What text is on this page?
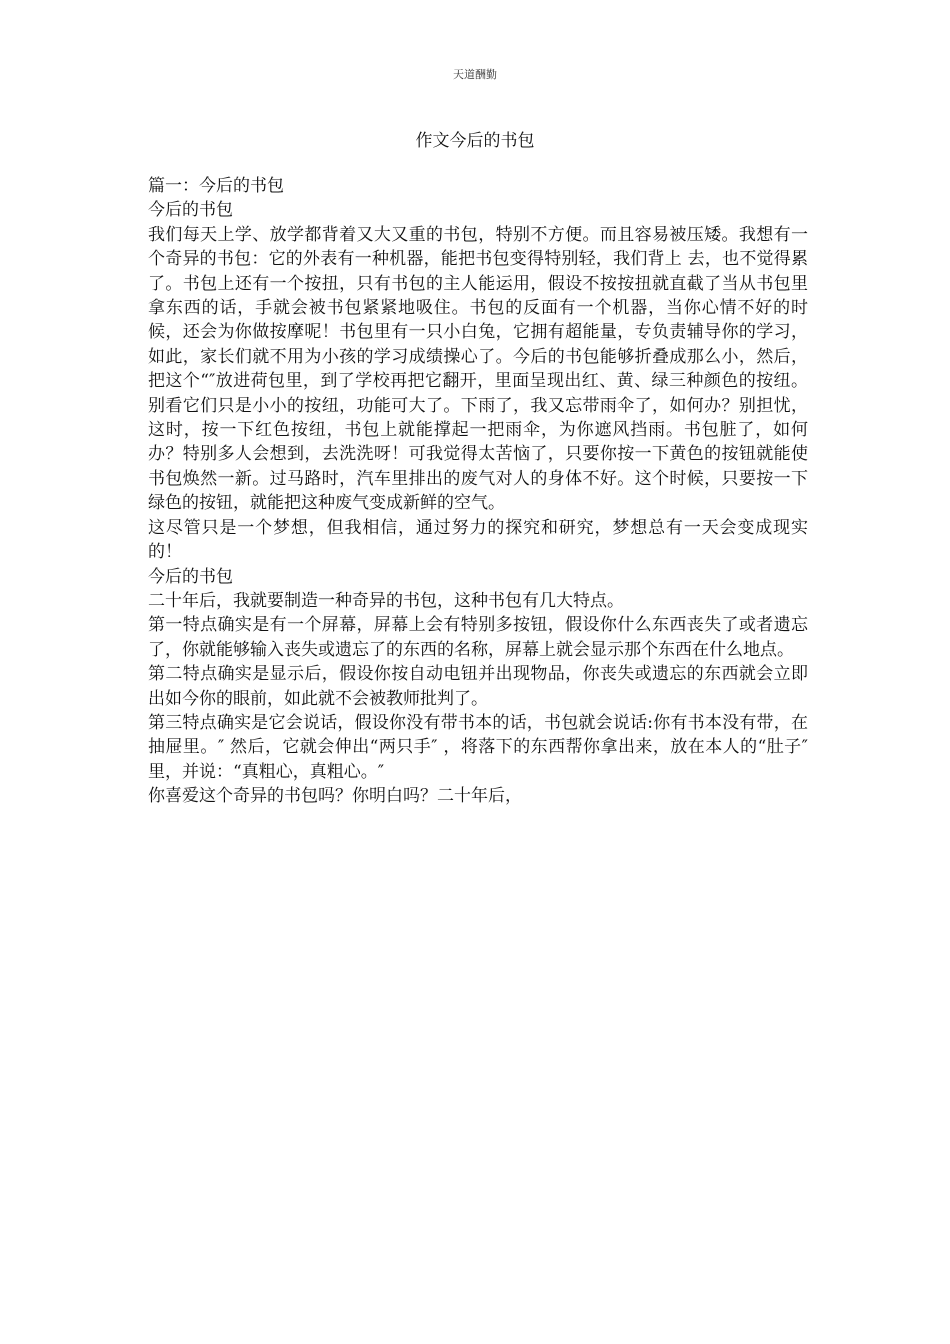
天道酬勤
作文今后的书包

篇一：今后的书包

今后的书包

我们每天上学、放学都背着又大又重的书包，特别不方便。而且容易被压矮。我想有一个奇异的书包：它的外表有一种机器，能把书包变得特别轻，我们背上 去，也不觉得累了。书包上还有一个按扭，只有书包的主人能运用，假设不按按扭就直截了当从书包里拿东西的话，手就会被书包紧紧地吸住。书包的反面有一个机器，当你心情不好的时候，还会为你做按摩呢！书包里有一只小白兔，它拥有超能量，专负责辅导你的学习，如此，家长们就不用为小孩的学习成绩操心了。今后的书包能够折叠成那么小，然后，把这个“″放进荷包里，到了学校再把它翻开，里面呈现出红、黄、绿三种颜色的按纽。别看它们只是小小的按纽，功能可大了。下雨了，我又忘带雨伞了，如何办？别担忧，这时，按一下红色按纽，书包上就能撑起一把雨伞，为你遮风挡雨。书包脏了，如何办？特别多人会想到，去洗洗呀！可我觉得太苦恼了，只要你按一下黄色的按钮就能使书包焕然一新。过马路时，汽车里排出的废气对人的身体不好。这个时候，只要按一下绿色的按钮，就能把这种废气变成新鲜的空气。

这尽管只是一个梦想，但我相信，通过努力的探究和研究，梦想总有一天会变成现实的！

今后的书包

二十年后，我就要制造一种奇异的书包，这种书包有几大特点。

第一特点确实是有一个屏幕，屏幕上会有特别多按钮，假设你什么东西丧失了或者遗忘了，你就能够输入丧失或遗忘了的东西的名称，屏幕上就会显示那个东西在什么地点。

第二特点确实是显示后，假设你按自动电钮并出现物品，你丧失或遗忘的东西就会立即出如今你的眼前，如此就不会被教师批判了。

第三特点确实是它会说话，假设你没有带书本的话，书包就会说话:你有书本没有带，在抽屉里。″ 然后，它就会伸出“两只手″ ，将落下的东西帮你拿出来，放在本人的“肚子″ 里，并说：“真粗心，真粗心。″

你喜爱这个奇异的书包吗？你明白吗？二十年后，
